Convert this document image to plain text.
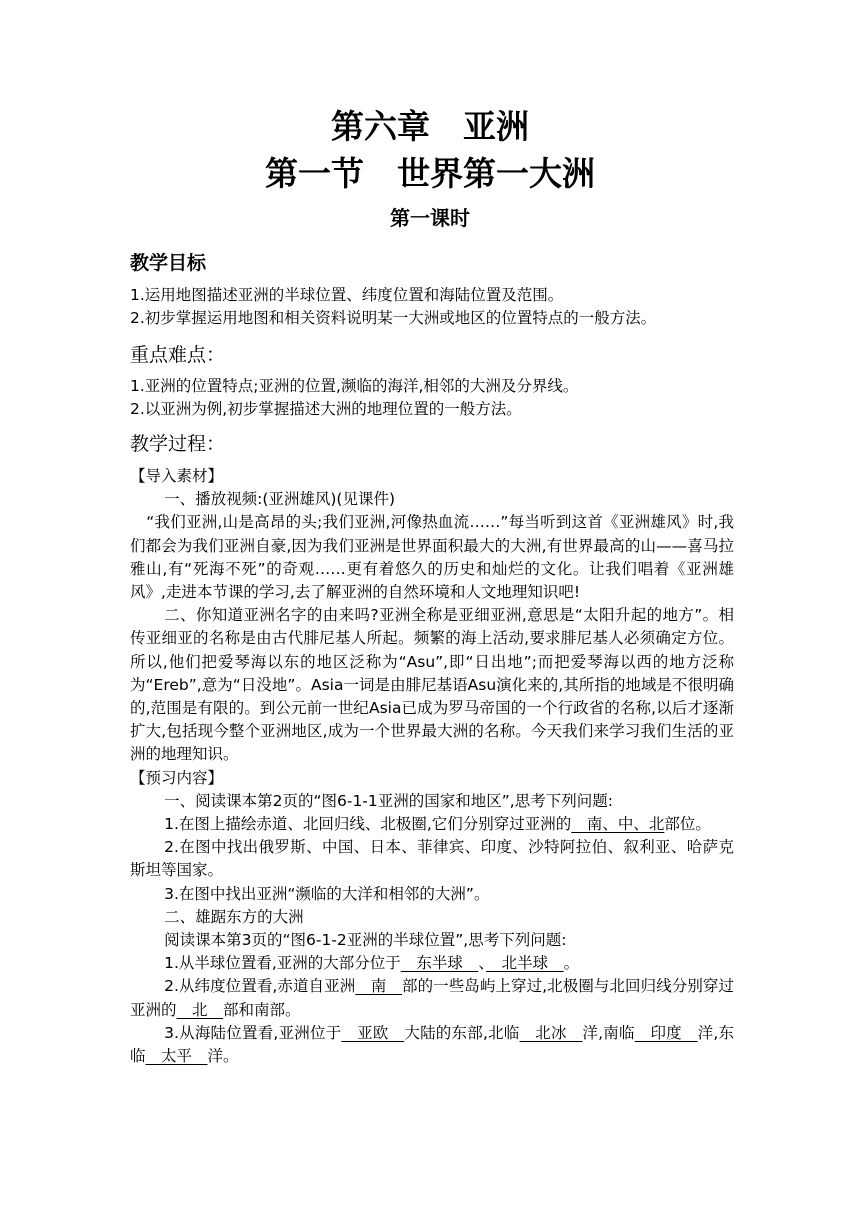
第六章　亚洲
第一节　世界第一大洲
第一课时
教学目标

1.运用地图描述亚洲的半球位置、纬度位置和海陆位置及范围。

2.初步掌握运用地图和相关资料说明某一大洲或地区的位置特点的一般方法。

重点难点：

1.亚洲的位置特点;亚洲的位置,濒临的海洋,相邻的大洲及分界线。

2.以亚洲为例,初步掌握描述大洲的地理位置的一般方法。

教学过程：

【导入素材】

一、播放视频:(亚洲雄风)(见课件)

“我们亚洲,山是高昂的头;我们亚洲,河像热血流……”每当听到这首《亚洲雄风》时,我们都会为我们亚洲自豪,因为我们亚洲是世界面积最大的大洲,有世界最高的山——喜马拉雅山,有“死海不死”的奇观……更有着悠久的历史和灿烂的文化。让我们唱着《亚洲雄风》,走进本节课的学习,去了解亚洲的自然环境和人文地理知识吧!

二、你知道亚洲名字的由来吗?亚洲全称是亚细亚洲,意思是“太阳升起的地方”。相传亚细亚的名称是由古代腓尼基人所起。频繁的海上活动,要求腓尼基人必须确定方位。所以,他们把爱琴海以东的地区泛称为“Asu”,即“日出地”;而把爱琴海以西的地方泛称为“Ereb”,意为“日没地”。Asia一词是由腓尼基语Asu演化来的,其所指的地域是不很明确的,范围是有限的。到公元前一世纪Asia已成为罗马帝国的一个行政省的名称,以后才逐渐扩大,包括现今整个亚洲地区,成为一个世界最大洲的名称。今天我们来学习我们生活的亚洲的地理知识。

【预习内容】

一、阅读课本第2页的“图6-1-1亚洲的国家和地区”,思考下列问题:

1.在图上描绘赤道、北回归线、北极圈,它们分别穿过亚洲的　南、中、北部位。

2.在图中找出俄罗斯、中国、日本、菲律宾、印度、沙特阿拉伯、叙利亚、哈萨克斯坦等国家。

3.在图中找出亚洲“濒临的大洋和相邻的大洲”。

二、雄踞东方的大洲

阅读课本第3页的“图6-1-2亚洲的半球位置”,思考下列问题:

1.从半球位置看,亚洲的大部分位于　东半球　、　北半球　。

2.从纬度位置看,赤道自亚洲　南　部的一些岛屿上穿过,北极圈与北回归线分别穿过亚洲的　北　部和南部。

3.从海陆位置看,亚洲位于　亚欧　大陆的东部,北临　北冰　洋,南临　印度　洋,东临　太平　洋。
